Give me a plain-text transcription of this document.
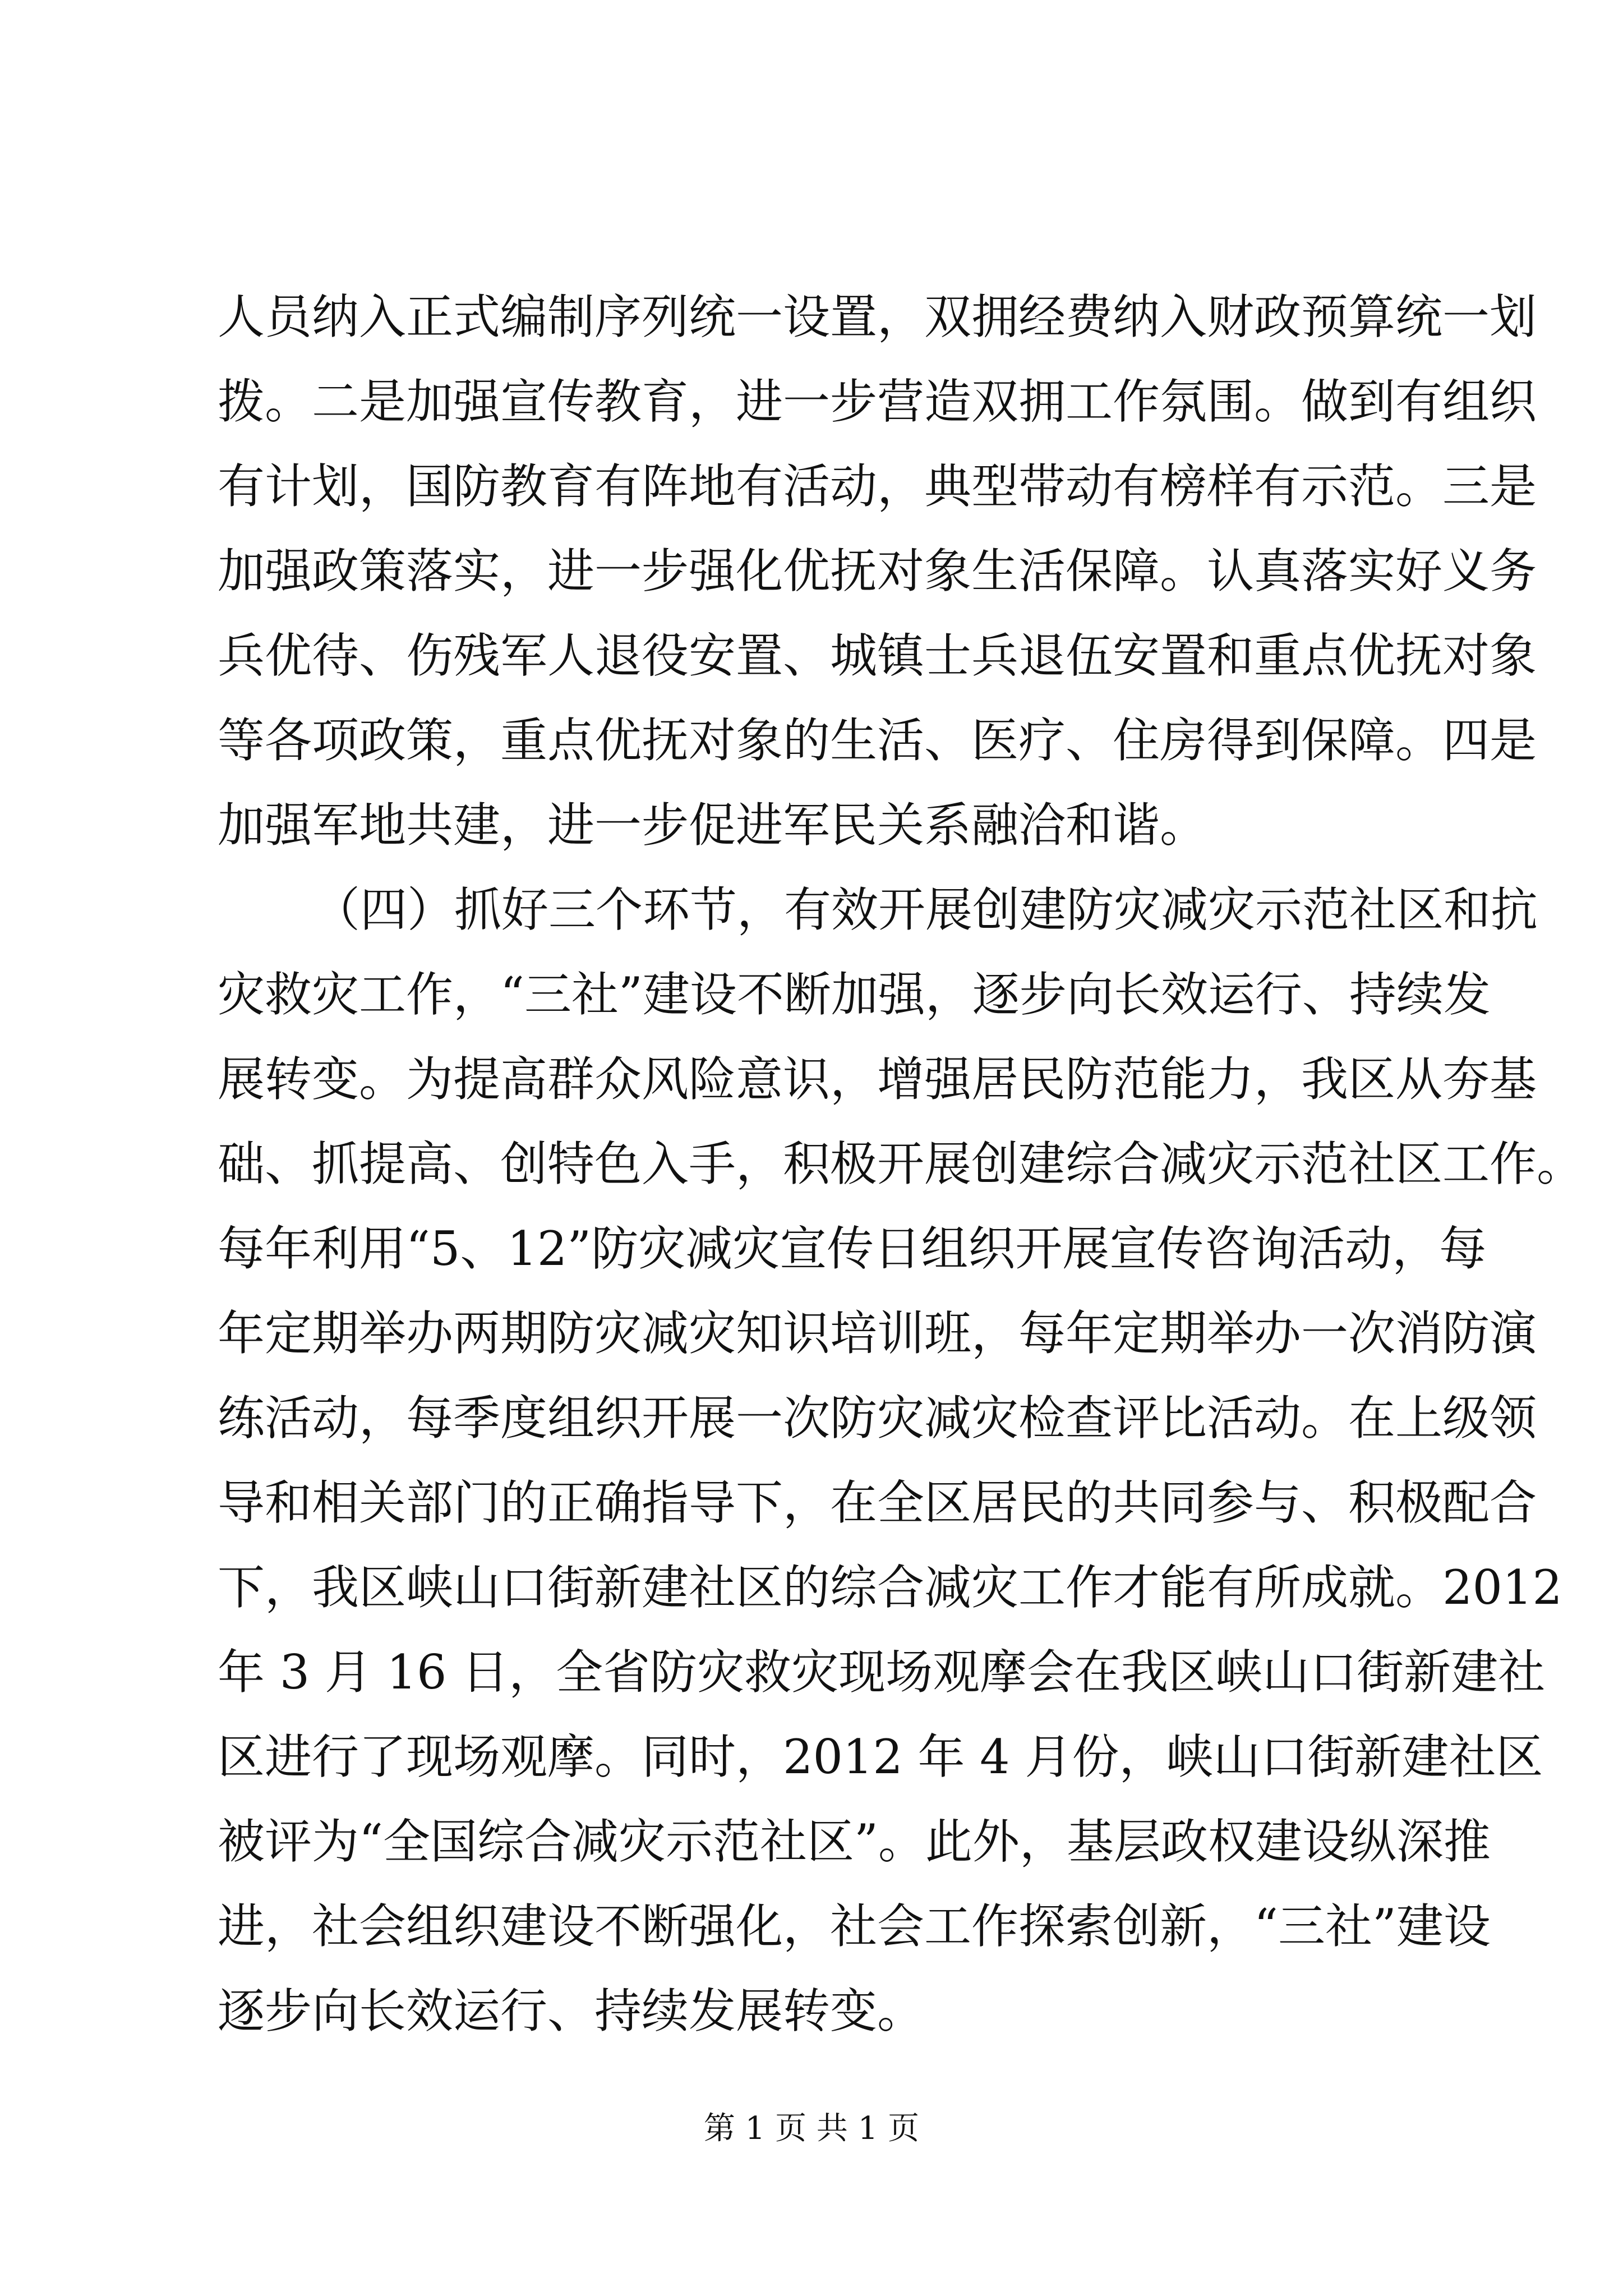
人员纳入正式编制序列统一设置，双拥经费纳入财政预算统一划
拨。二是加强宣传教育，进一步营造双拥工作氛围。做到有组织
有计划，国防教育有阵地有活动，典型带动有榜样有示范。三是
加强政策落实，进一步强化优抚对象生活保障。认真落实好义务
兵优待、伤残军人退役安置、城镇士兵退伍安置和重点优抚对象
等各项政策，重点优抚对象的生活、医疗、住房得到保障。四是
加强军地共建，进一步促进军民关系融洽和谐。
（四）抓好三个环节，有效开展创建防灾减灾示范社区和抗
灾救灾工作，“三社”建设不断加强，逐步向长效运行、持续发
展转变。为提高群众风险意识，增强居民防范能力，我区从夯基
础、抓提高、创特色入手，积极开展创建综合减灾示范社区工作。
每年利用“5、12”防灾减灾宣传日组织开展宣传咨询活动，每
年定期举办两期防灾减灾知识培训班，每年定期举办一次消防演
练活动，每季度组织开展一次防灾减灾检查评比活动。在上级领
导和相关部门的正确指导下，在全区居民的共同参与、积极配合
下，我区峡山口街新建社区的综合减灾工作才能有所成就。2012
年 3 月 16 日，全省防灾救灾现场观摩会在我区峡山口街新建社
区进行了现场观摩。同时，2012 年 4 月份，峡山口街新建社区
被评为“全国综合减灾示范社区”。此外，基层政权建设纵深推
进，社会组织建设不断强化，社会工作探索创新，“三社”建设
逐步向长效运行、持续发展转变。
第 1 页 共 1 页
